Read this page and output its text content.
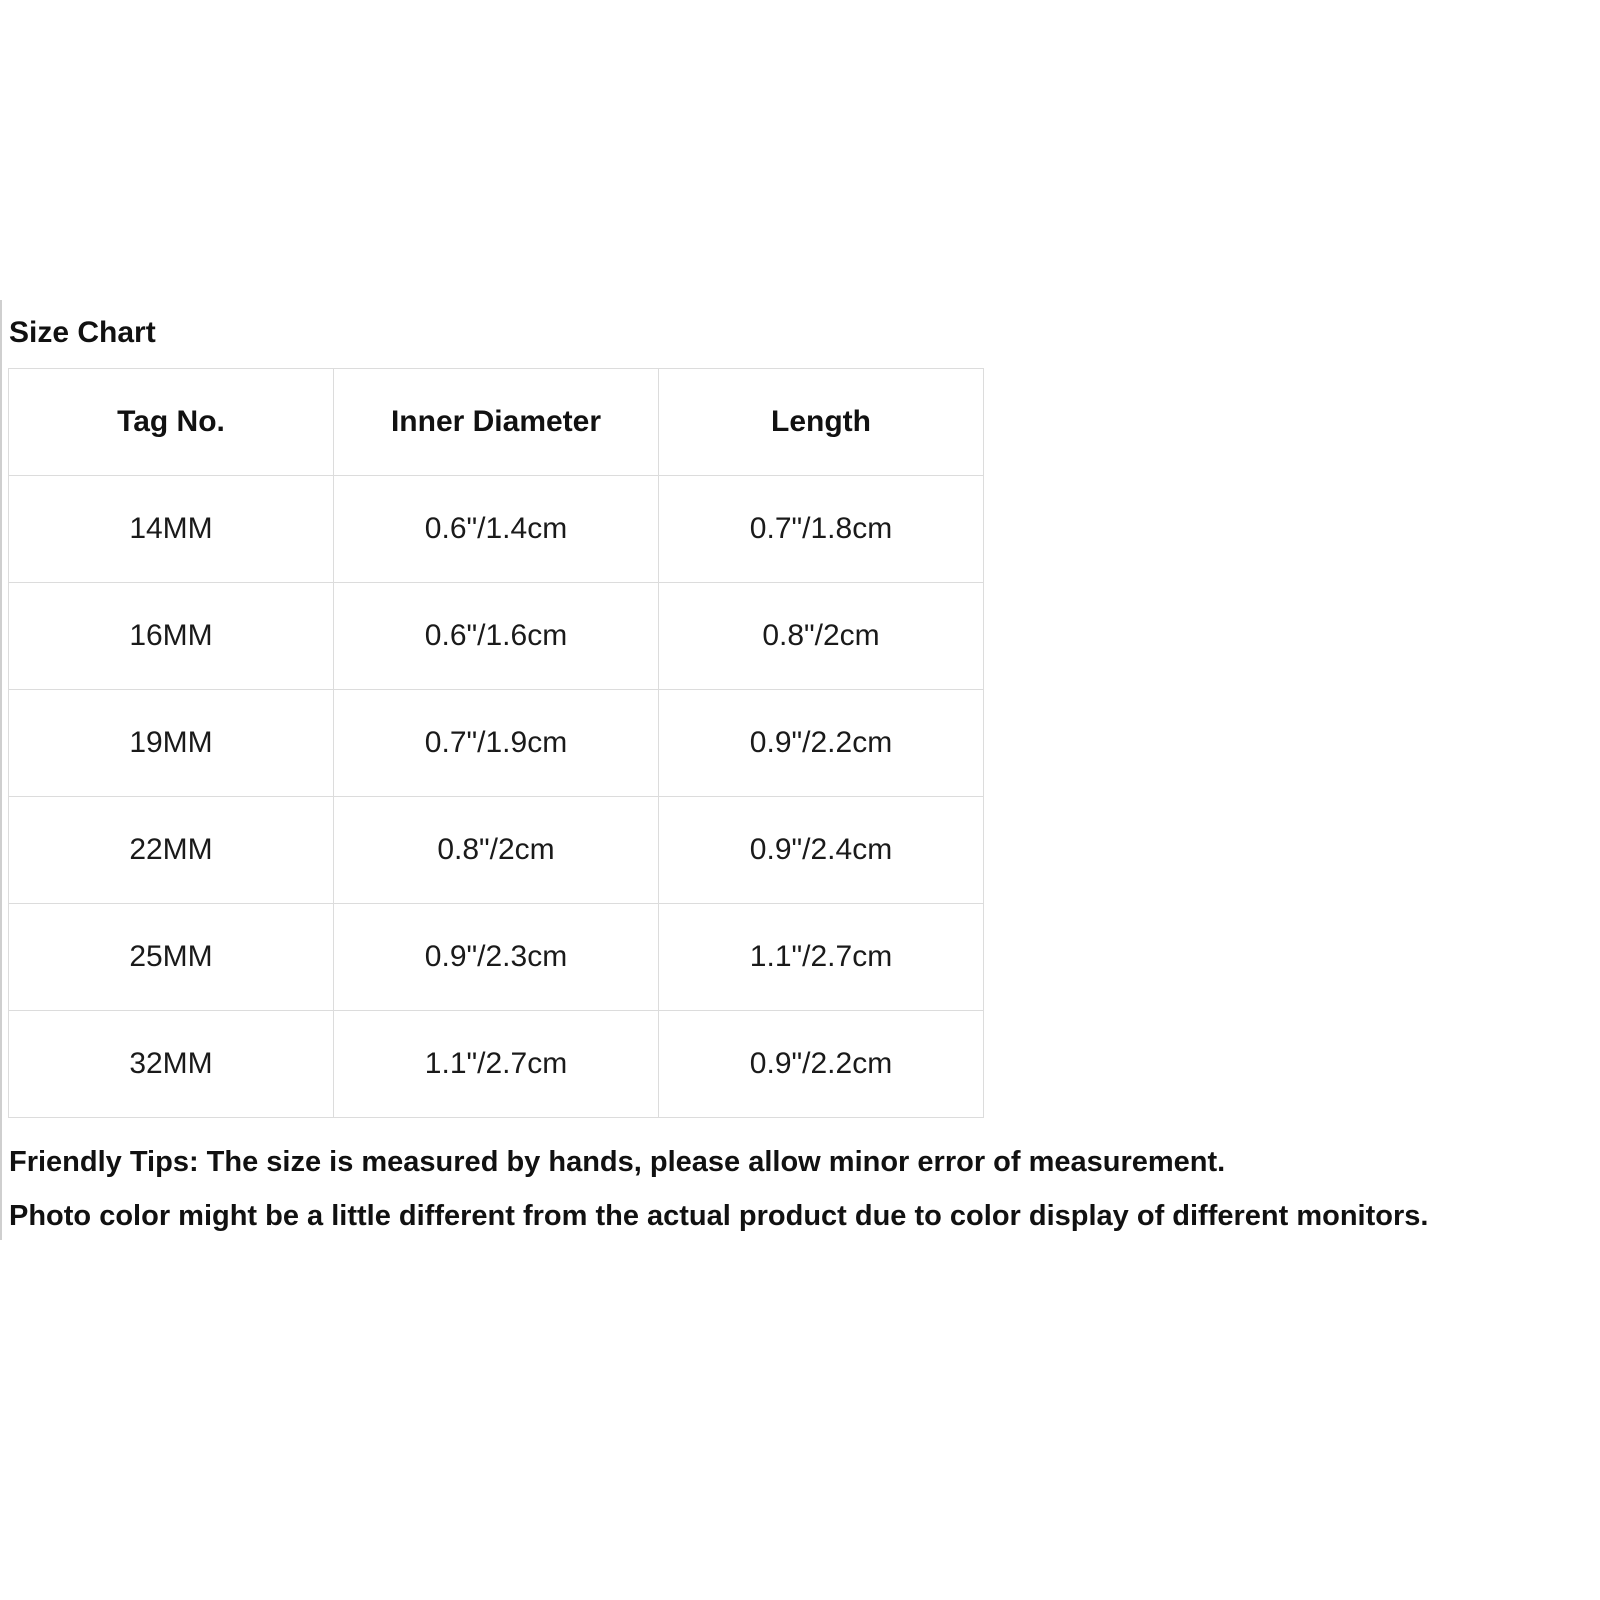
Size Chart
Tag No.	Inner Diameter	Length
14MM	0.6"/1.4cm	0.7"/1.8cm
16MM	0.6"/1.6cm	0.8"/2cm
19MM	0.7"/1.9cm	0.9"/2.2cm
22MM	0.8"/2cm	0.9"/2.4cm
25MM	0.9"/2.3cm	1.1"/2.7cm
32MM	1.1"/2.7cm	0.9"/2.2cm
Friendly Tips: The size is measured by hands, please allow minor error of measurement.
Photo color might be a little different from the actual product due to color display of different monitors.
